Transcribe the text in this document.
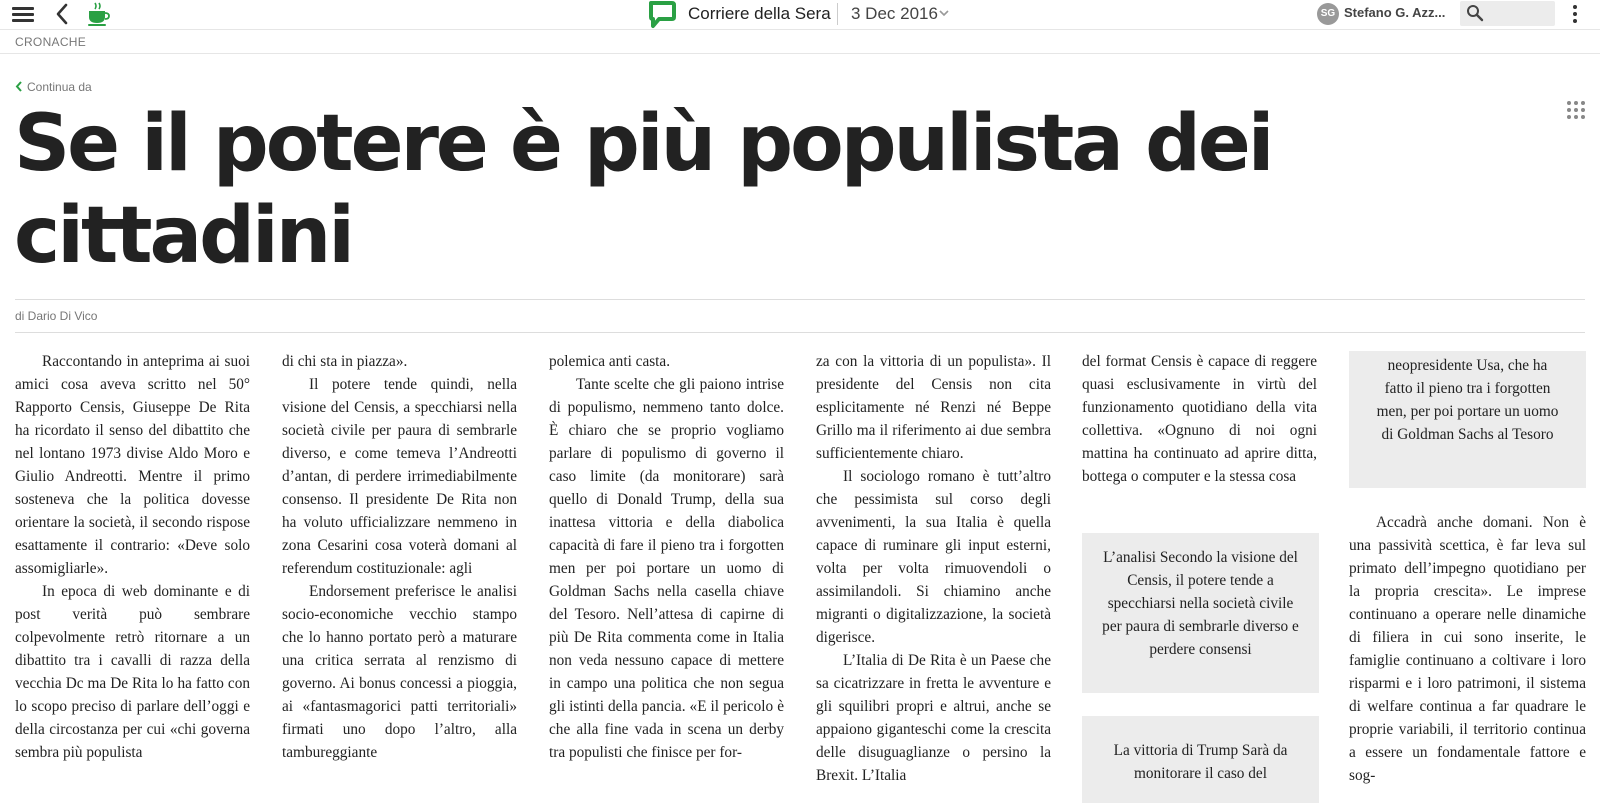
Corriere della Sera 3 Dec 2016	SG Stefano G. Azz...
CRONACHE
Continua da
Se il potere è più populista dei cittadini
di Dario Di Vico

Raccontando in anteprima ai suoi amici cosa aveva scritto nel 50° Rapporto Censis, Giuseppe De Rita ha ricordato il senso del dibattito che nel lontano 1973 divise Aldo Moro e Giulio Andreotti. Mentre il primo sosteneva che la politica dovesse orientare la società, il secondo rispose esattamente il contrario: «Deve solo assomigliarle».

In epoca di web dominante e di post verità può sembrare colpevolmente retrò ritornare a un dibattito tra i cavalli di razza della vecchia Dc ma De Rita lo ha fatto con lo scopo preciso di parlare dell’oggi e della circostanza per cui «chi governa sembra più populista

di chi sta in piazza».

Il potere tende quindi, nella visione del Censis, a specchiarsi nella società civile per paura di sembrarle diverso, e come temeva l’Andreotti d’antan, di perdere irrimediabilmente consenso. Il presidente De Rita non ha voluto ufficializzare nemmeno in zona Cesarini cosa voterà domani al referendum costituzionale: agli

Endorsement preferisce le analisi socio-economiche vecchio stampo che lo hanno portato però a maturare una critica serrata al renzismo di governo. Ai bonus concessi a pioggia, ai «fantasmagorici patti territoriali» firmati uno dopo l’altro, alla tambureggiante

polemica anti casta.

Tante scelte che gli paiono intrise di populismo, nemmeno tanto dolce. È chiaro che se proprio vogliamo parlare di populismo di governo il caso limite (da monitorare) sarà quello di Donald Trump, della sua inattesa vittoria e della diabolica capacità di fare il pieno tra i forgotten men per poi portare un uomo di Goldman Sachs nella casella chiave del Tesoro. Nell’attesa di capirne di più De Rita commenta come in Italia non veda nessuno capace di mettere in campo una politica che non segua gli istinti della pancia. «E il pericolo è che alla fine vada in scena un derby tra populisti che finisce per for-

za con la vittoria di un populista». Il presidente del Censis non cita esplicitamente né Renzi né Beppe Grillo ma il riferimento ai due sembra sufficientemente chiaro.

Il sociologo romano è tutt’altro che pessimista sul corso degli avvenimenti, la sua Italia è quella capace di ruminare gli input esterni, volta per volta rimuovendoli o assimilandoli. Si chiamino anche migranti o digitalizzazione, la società digerisce.

L’Italia di De Rita è un Paese che sa cicatrizzare in fretta le avventure e gli squilibri propri e altrui, anche se appaiono giganteschi come la crescita delle disuguaglianze o persino la Brexit. L’Italia

del format Censis è capace di reggere quasi esclusivamente in virtù del funzionamento quotidiano della vita collettiva. «Ognuno di noi ogni mattina ha continuato ad aprire ditta, bottega o computer e la stessa cosa

L’analisi Secondo la visione del Censis, il potere tende a specchiarsi nella società civile per paura di sembrarle diverso e perdere consensi
La vittoria di Trump Sarà da monitorare il caso del
neopresidente Usa, che ha fatto il pieno tra i forgotten men, per poi portare un uomo di Goldman Sachs al Tesoro
Accadrà anche domani. Non è una passività scettica, è far leva sul primato dell’impegno quotidiano per la propria crescita». Le imprese continuano a operare nelle dinamiche di filiera in cui sono inserite, le famiglie continuano a coltivare i loro risparmi e i loro patrimoni, il sistema di welfare continua a far quadrare le proprie variabili, il territorio continua a essere un fondamentale fattore e sog-
